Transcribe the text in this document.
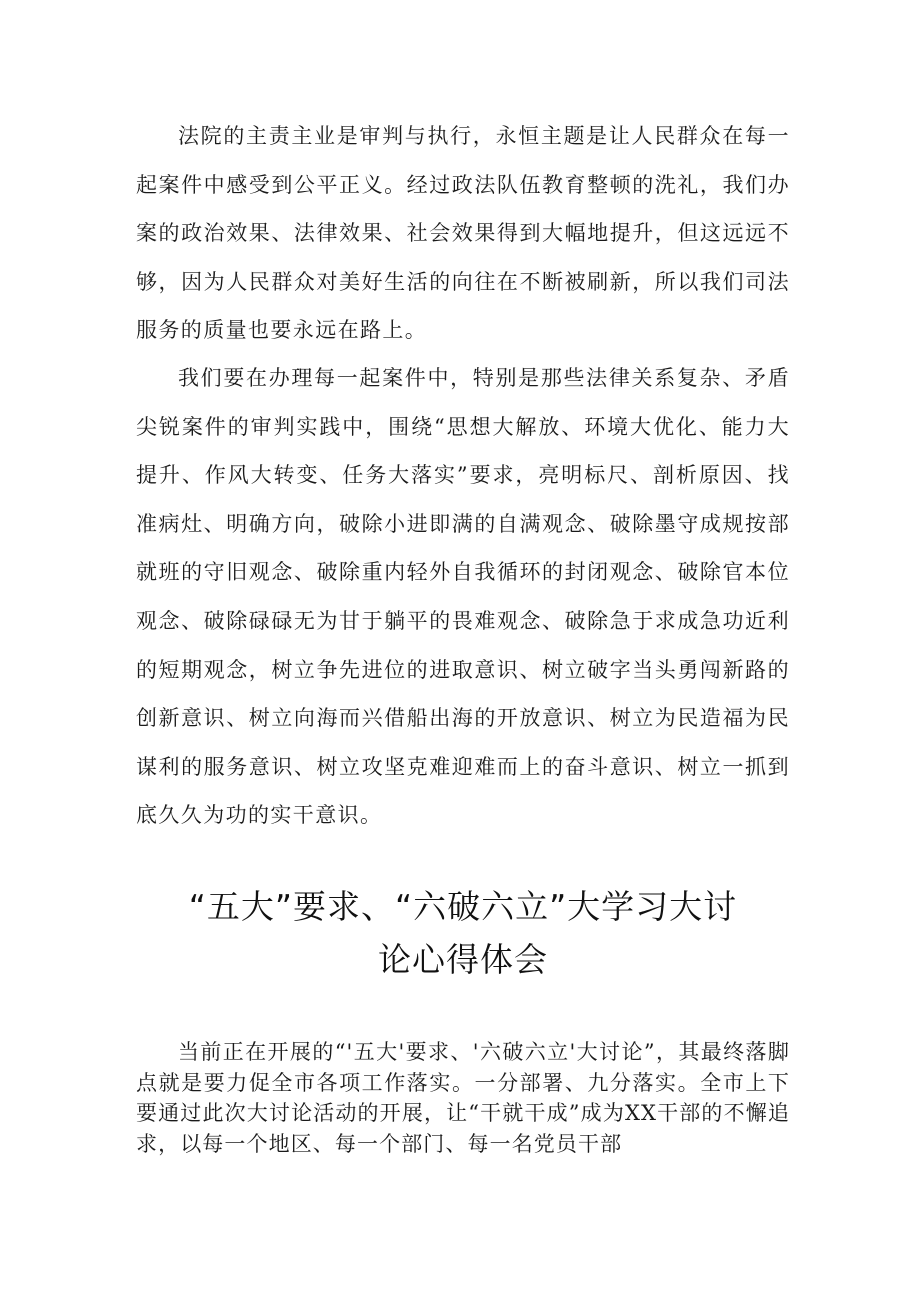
法院的主责主业是审判与执行，永恒主题是让人民群众在每一起案件中感受到公平正义。经过政法队伍教育整顿的洗礼，我们办案的政治效果、法律效果、社会效果得到大幅地提升，但这远远不够，因为人民群众对美好生活的向往在不断被刷新，所以我们司法服务的质量也要永远在路上。

我们要在办理每一起案件中，特别是那些法律关系复杂、矛盾尖锐案件的审判实践中，围绕“思想大解放、环境大优化、能力大提升、作风大转变、任务大落实”要求，亮明标尺、剖析原因、找准病灶、明确方向，破除小进即满的自满观念、破除墨守成规按部就班的守旧观念、破除重内轻外自我循环的封闭观念、破除官本位观念、破除碌碌无为甘于躺平的畏难观念、破除急于求成急功近利的短期观念，树立争先进位的进取意识、树立破字当头勇闯新路的创新意识、树立向海而兴借船出海的开放意识、树立为民造福为民谋利的服务意识、树立攻坚克难迎难而上的奋斗意识、树立一抓到底久久为功的实干意识。

“五大”要求、“六破六立”大学习大讨
论心得体会

当前正在开展的“'五大'要求、'六破六立'大讨论”，其最终落脚点就是要力促全市各项工作落实。一分部署、九分落实。全市上下要通过此次大讨论活动的开展，让“干就干成”成为XX干部的不懈追求，以每一个地区、每一个部门、每一名党员干部
